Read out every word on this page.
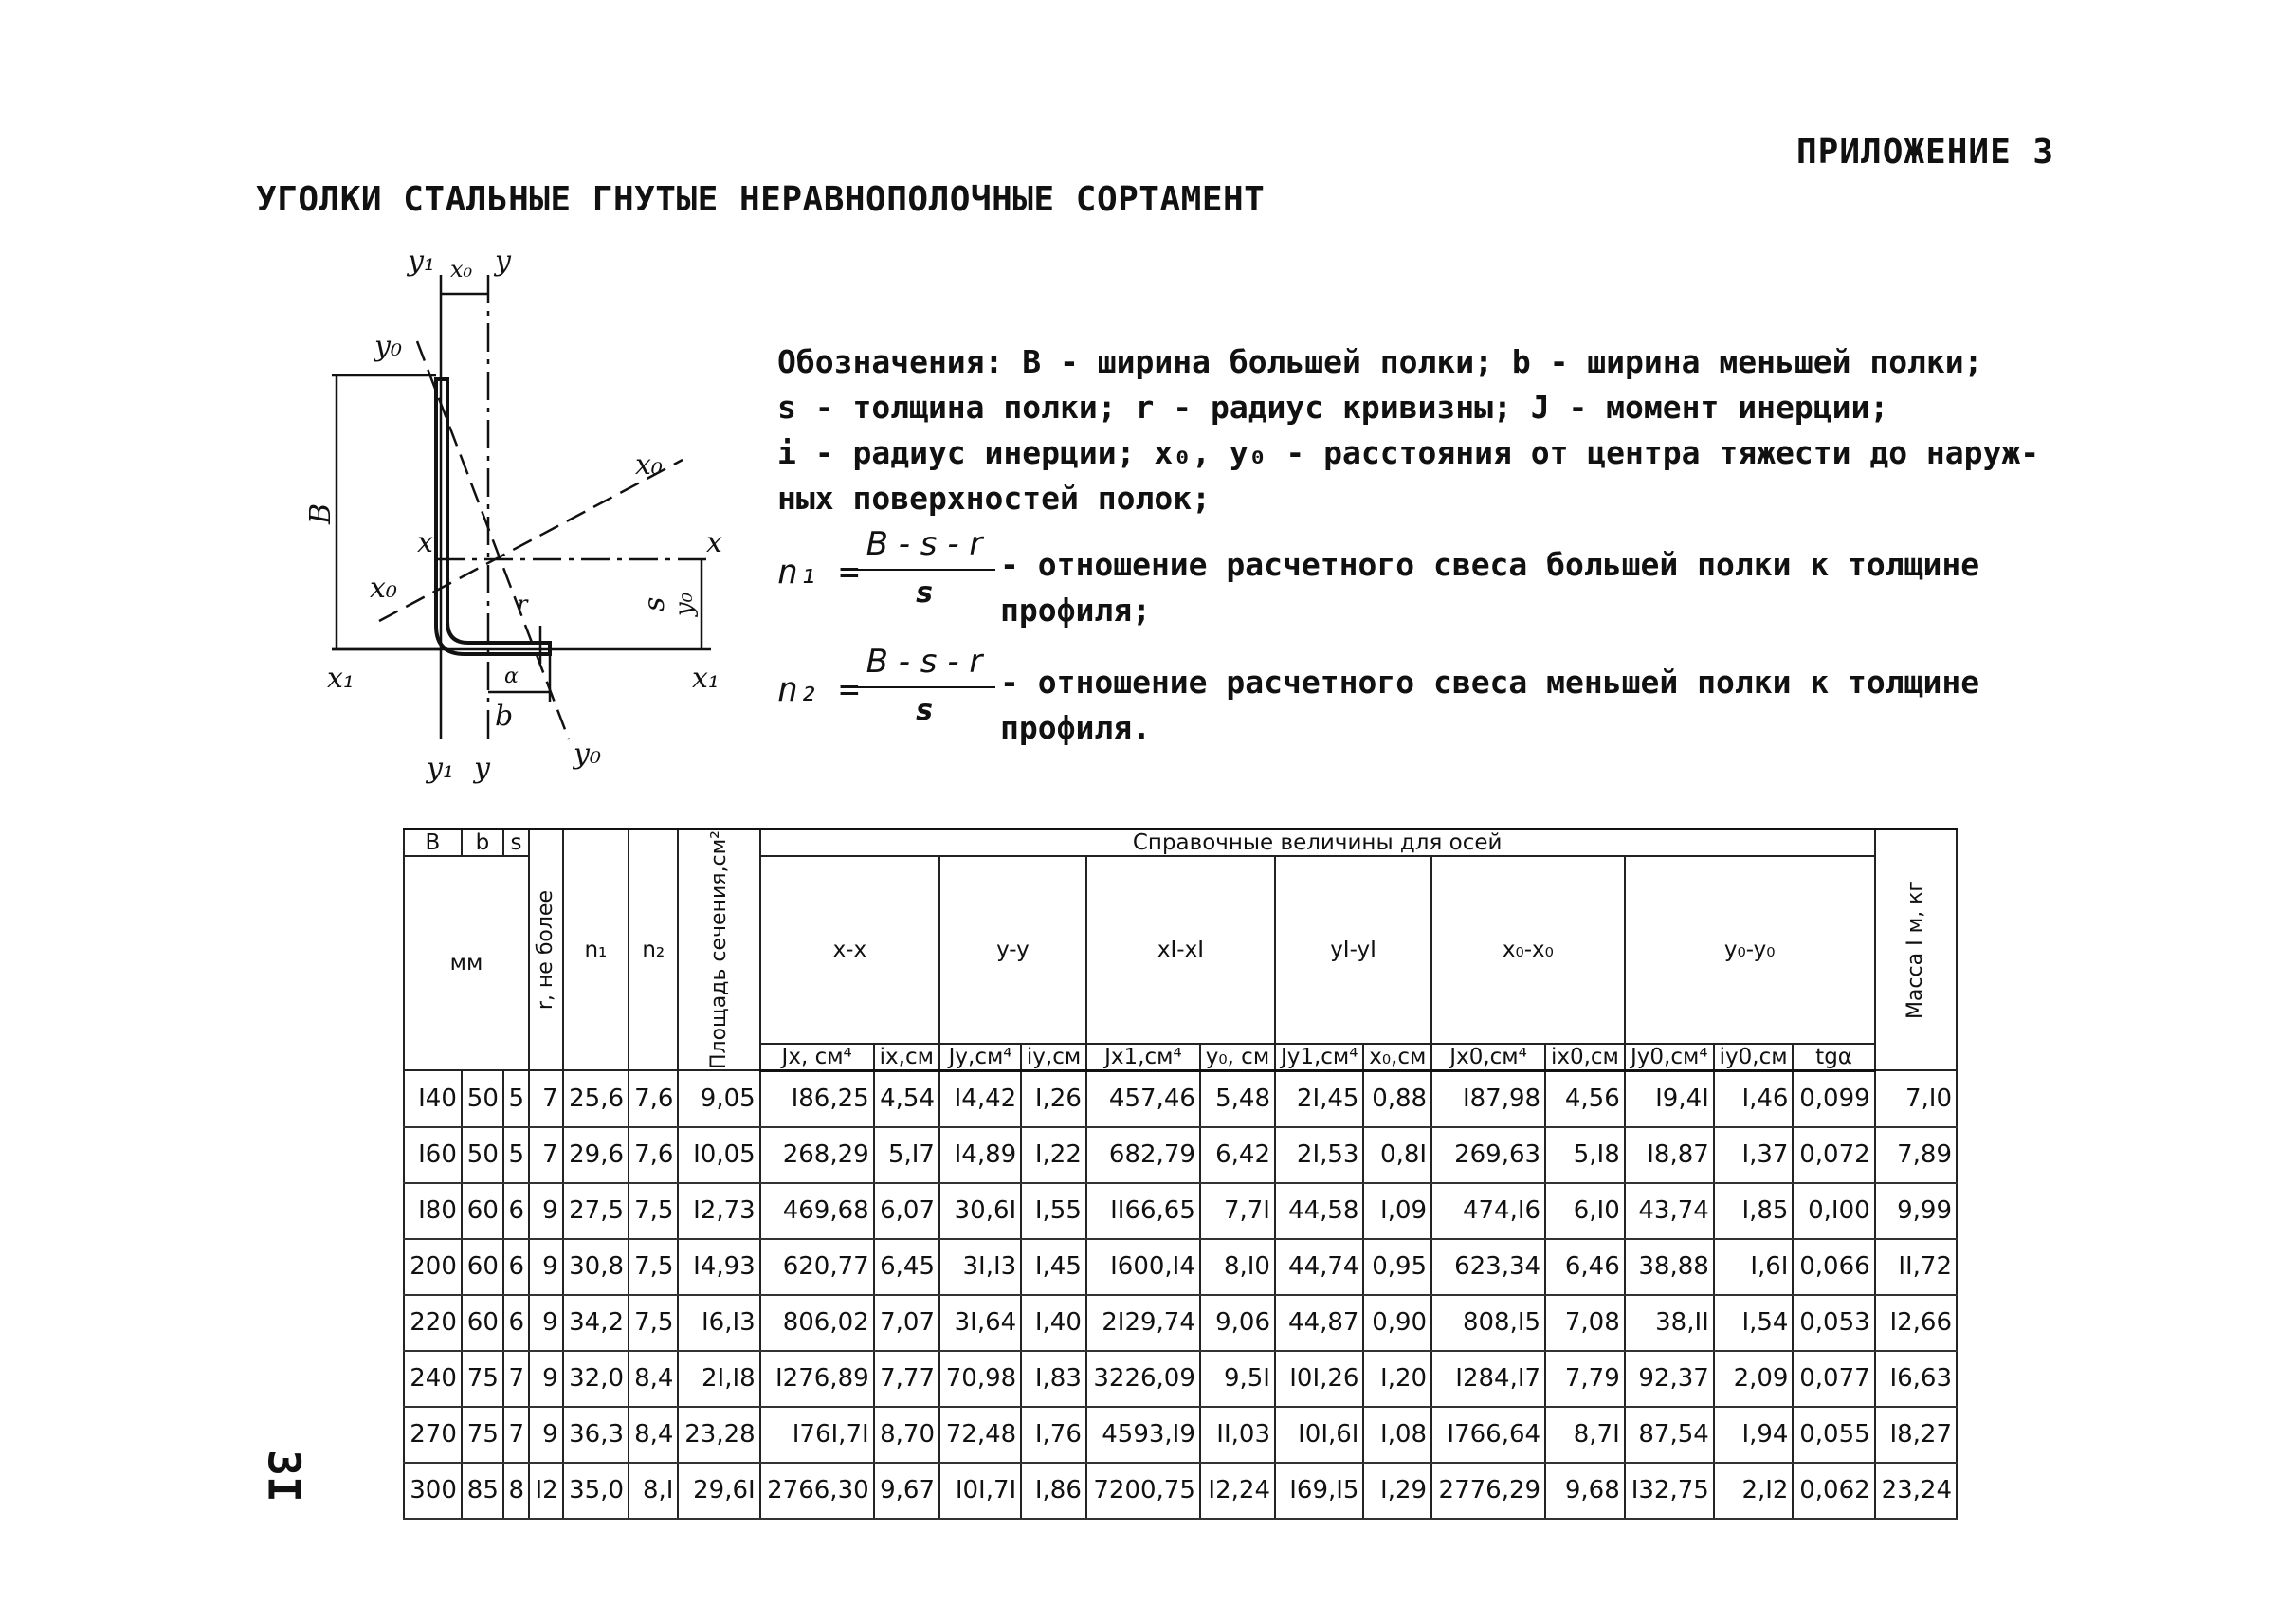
ПРИЛОЖЕНИЕ 3
УГОЛКИ СТАЛЬНЫЕ ГНУТЫЕ НЕРАВНОПОЛОЧНЫЕ СОРТАМЕНТ
y₁ x₀ y
y₀
x₀
B
x	x
x₀	r	s y₀
x₁	x₁
α
b
y₁ y	y₀

Обозначения: B - ширина большей полки; b - ширина меньшей полки;

s - толщина полки; r - радиус кривизны; J - момент инерции;

i - радиус инерции; x₀, y₀ - расстояния от центра тяжести до наруж-

ных поверхностей полок;

n₁ =
$\frac{B - s - r}{s}$ - отношение расчетного свеса большей полки к толщине профиля;
n₂ =
$\frac{B - s - r}{s}$ - отношение расчетного свеса меньшей полки к толщине профиля.
B	b	s	r, не более	n₁	n₂	Площадь сечения,см²	Справочные величины для осей													Масса I м, кг

мм							x-x		y-y		xI-xI		yI-yI		x₀-x₀		y₀-y₀			
							Jx, см⁴	ix,см	Jy,см⁴	iy,см	Jx1,см⁴	y₀, см	Jy1,см⁴	x₀,см	Jx0,см⁴	ix0,см	Jy0,см⁴	iy0,см	tgα	
I40	50	5	7	25,6	7,6	9,05	I86,25	4,54	I4,42	I,26	457,46	5,48	2I,45	0,88	I87,98	4,56	I9,4I	I,46	0,099	7,I0
I60	50	5	7	29,6	7,6	I0,05	268,29	5,I7	I4,89	I,22	682,79	6,42	2I,53	0,8I	269,63	5,I8	I8,87	I,37	0,072	7,89
I80	60	6	9	27,5	7,5	I2,73	469,68	6,07	30,6I	I,55	II66,65	7,7I	44,58	I,09	474,I6	6,I0	43,74	I,85	0,I00	9,99
200	60	6	9	30,8	7,5	I4,93	620,77	6,45	3I,I3	I,45	I600,I4	8,I0	44,74	0,95	623,34	6,46	38,88	I,6I	0,066	II,72
220	60	6	9	34,2	7,5	I6,I3	806,02	7,07	3I,64	I,40	2I29,74	9,06	44,87	0,90	808,I5	7,08	38,II	I,54	0,053	I2,66
240	75	7	9	32,0	8,4	2I,I8	I276,89	7,77	70,98	I,83	3226,09	9,5I	I0I,26	I,20	I284,I7	7,79	92,37	2,09	0,077	I6,63
270	75	7	9	36,3	8,4	23,28	I76I,7I	8,70	72,48	I,76	4593,I9	II,03	I0I,6I	I,08	I766,64	8,7I	87,54	I,94	0,055	I8,27
300	85	8	I2	35,0	8,I	29,6I	2766,30	9,67	I0I,7I	I,86	7200,75	I2,24	I69,I5	I,29	2776,29	9,68	I32,75	2,I2	0,062	23,24
3I
